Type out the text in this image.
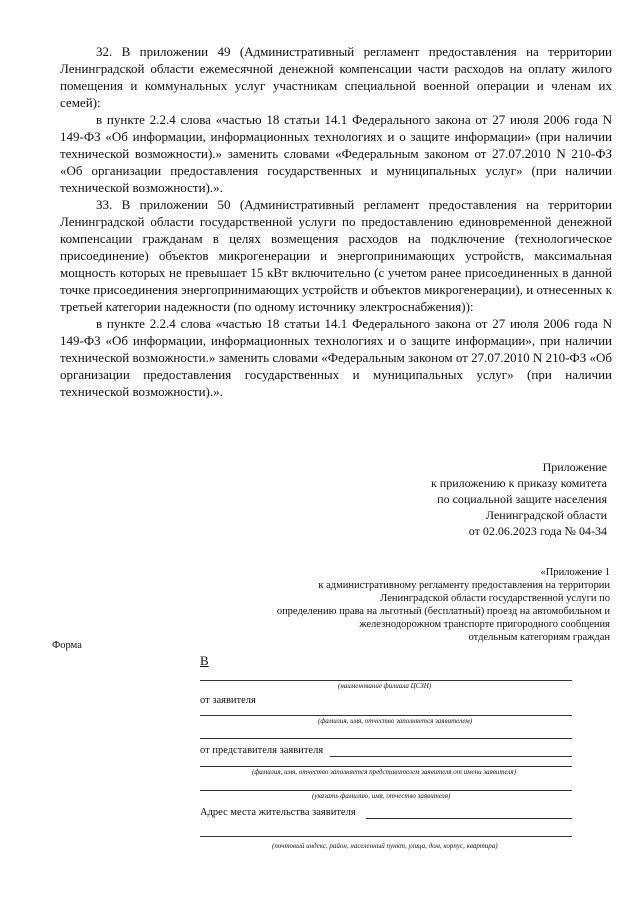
32. В приложении 49 (Административный регламент предоставления на территории Ленинградской области ежемесячной денежной компенсации части расходов на оплату жилого помещения и коммунальных услуг участникам специальной военной операции и членам их семей):

в пункте 2.2.4 слова «частью 18 статьи 14.1 Федерального закона от 27 июля 2006 года N 149-ФЗ «Об информации, информационных технологиях и о защите информации» (при наличии технической возможности).» заменить словами «Федеральным законом от 27.07.2010 N 210-ФЗ «Об организации предоставления государственных и муниципальных услуг» (при наличии технической возможности).».

33. В приложении 50 (Административный регламент предоставления на территории Ленинградской области государственной услуги по предоставлению единовременной денежной компенсации гражданам в целях возмещения расходов на подключение (технологическое присоединение) объектов микрогенерации и энергопринимающих устройств, максимальная мощность которых не превышает 15 кВт включительно (с учетом ранее присоединенных в данной точке присоединения энергопринимающих устройств и объектов микрогенерации), и отнесенных к третьей категории надежности (по одному источнику электроснабжения)):

в пункте 2.2.4 слова «частью 18 статьи 14.1 Федерального закона от 27 июля 2006 года N 149-ФЗ «Об информации, информационных технологиях и о защите информации», при наличии технической возможности.» заменить словами «Федеральным законом от 27.07.2010 N 210-ФЗ «Об организации предоставления государственных и муниципальных услуг» (при наличии технической возможности).».

Приложение
к приложению к приказу комитета
по социальной защите населения
Ленинградской области
от 02.06.2023 года № 04-34
«Приложение 1
к административному регламенту предоставления на территории
Ленинградской области государственной услуги по
определению права на льготный (бесплатный) проезд на автомобильном и
железнодорожном транспорте пригородного сообщения
отдельным категориям граждан
Форма
В
(наименование филиала ЦСЗН)
от заявителя
(фамилия, имя, отчество заполняется заявителем)
от представителя заявителя
(фамилия, имя, отчество заполняется представителем заявителя от имени заявителя)
(указать фамилию, имя, отчество заявителя)
Адрес места жительства заявителя
(почтовый индекс, район, населенный пункт, улица, дом, корпус, квартира)
